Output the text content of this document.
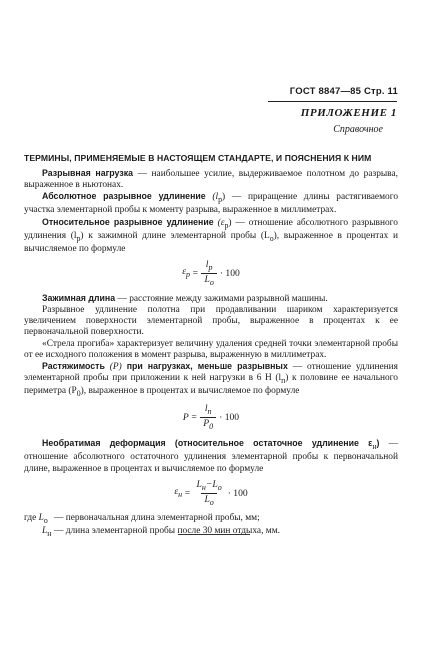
ГОСТ 8847—85 Стр. 11
ПРИЛОЖЕНИЕ 1
Справочное
ТЕРМИНЫ, ПРИМЕНЯЕМЫЕ В НАСТОЯЩЕМ СТАНДАРТЕ, И ПОЯСНЕНИЯ К НИМ

Разрывная нагрузка — наибольшее усилие, выдерживаемое полотном до разрыва, выраженное в ньютонах.

Абсолютное разрывное удлинение $(l_р)$ — приращение длины растягиваемого участка элементарной пробы к моменту разрыва, выраженное в миллиметрах.

Относительное разрывное удлинение $(\varepsilon_р)$ — отношение абсолютного разрывного удлинения $(l_р)$ к зажимной длине элементарной пробы $(L_о)$, выраженное в процентах и вычисляемое по формуле

$\varepsilon_р = \frac{l_р}{L_о} \cdot 100$

Зажимная длина — расстояние между зажимами разрывной машины.

Разрывное удлинение полотна при продавливании шариком характеризуется увеличением поверхности элементарной пробы, выраженное в процентах к ее первоначальной поверхности.

«Стрела прогиба» характеризует величину удаления средней точки элементарной пробы от ее исходного положения в момент разрыва, выраженную в миллиметрах.

Растяжимость (P) при нагрузках, меньше разрывных — отношение удлинения элементарной пробы при приложении к ней нагрузки в 6 Н $(l_п)$ к половине ее начального периметра $(P_0)$, выраженное в процентах и вычисляемое по формуле

$P = \frac{l_п}{P_0} \cdot 100$

Необратимая деформация (относительное остаточное удлинение $\varepsilon_н$) — отношение абсолютного остаточного удлинения элементарной пробы к первоначальной длине, выраженное в процентах и вычисляемое по формуле

$\varepsilon_н = \frac{L_н-L_о}{L_о} \cdot 100$
где $L_о$ — первоначальная длина элементарной пробы, мм;
$L_н$ — длина элементарной пробы после 30 мин отдыха, мм.
